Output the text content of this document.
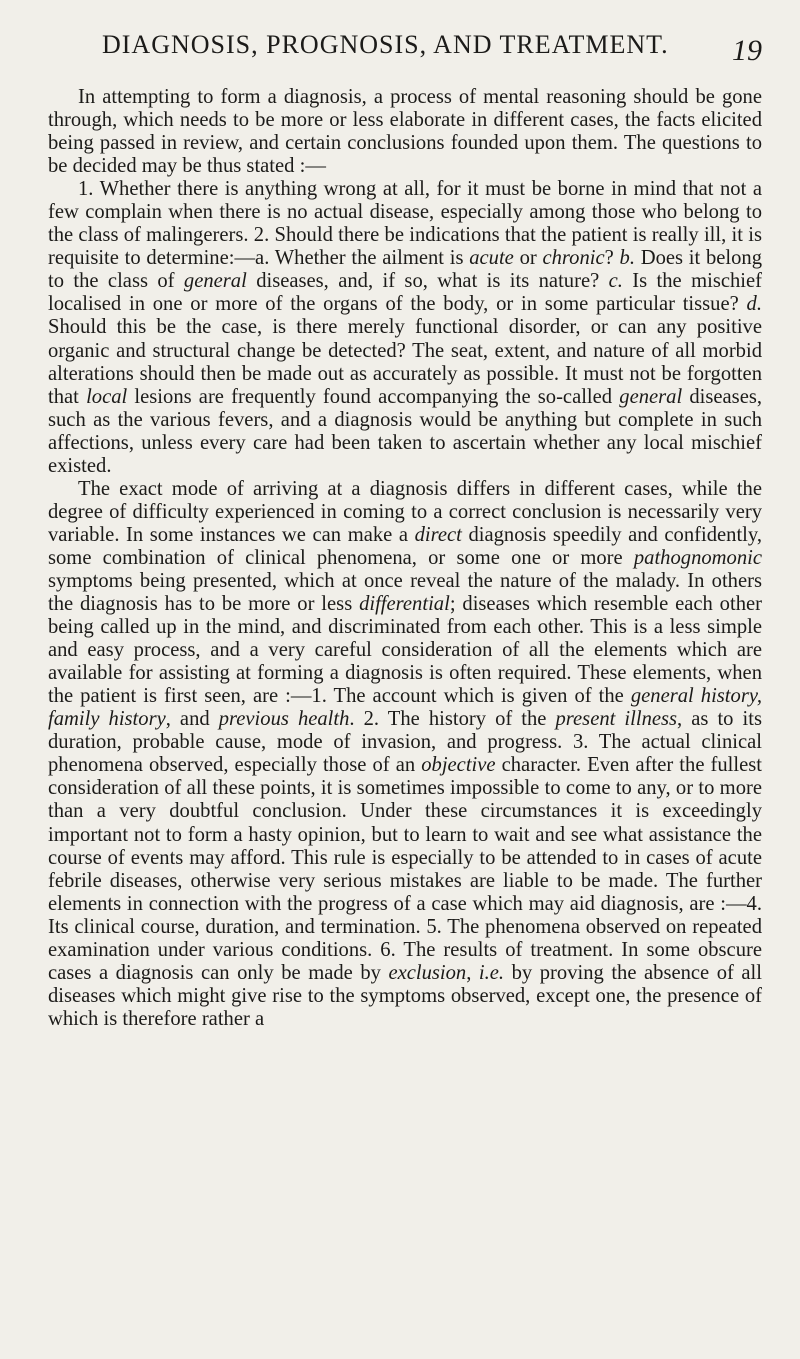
DIAGNOSIS, PROGNOSIS, AND TREATMENT. 19

In attempting to form a diagnosis, a process of mental reasoning should be gone through, which needs to be more or less elaborate in different cases, the facts elicited being passed in review, and certain conclusions founded upon them. The questions to be decided may be thus stated :—

1. Whether there is anything wrong at all, for it must be borne in mind that not a few complain when there is no actual disease, especially among those who belong to the class of malingerers. 2. Should there be indications that the patient is really ill, it is requisite to determine:—a. Whether the ailment is acute or chronic? b. Does it belong to the class of general diseases, and, if so, what is its nature? c. Is the mischief localised in one or more of the organs of the body, or in some particular tissue? d. Should this be the case, is there merely functional disorder, or can any positive organic and structural change be detected? The seat, extent, and nature of all morbid alterations should then be made out as accurately as possible. It must not be forgotten that local lesions are frequently found accompanying the so-called general diseases, such as the various fevers, and a diagnosis would be anything but complete in such affections, unless every care had been taken to ascertain whether any local mischief existed.

The exact mode of arriving at a diagnosis differs in different cases, while the degree of difficulty experienced in coming to a correct conclusion is necessarily very variable. In some instances we can make a direct diagnosis speedily and confidently, some combination of clinical phenomena, or some one or more pathognomonic symptoms being presented, which at once reveal the nature of the malady. In others the diagnosis has to be more or less differential; diseases which resemble each other being called up in the mind, and discriminated from each other. This is a less simple and easy process, and a very careful consideration of all the elements which are available for assisting at forming a diagnosis is often required. These elements, when the patient is first seen, are :—1. The account which is given of the general history, family history, and previous health. 2. The history of the present illness, as to its duration, probable cause, mode of invasion, and progress. 3. The actual clinical phenomena observed, especially those of an objective character. Even after the fullest consideration of all these points, it is sometimes impossible to come to any, or to more than a very doubtful conclusion. Under these circumstances it is exceedingly important not to form a hasty opinion, but to learn to wait and see what assistance the course of events may afford. This rule is especially to be attended to in cases of acute febrile diseases, otherwise very serious mistakes are liable to be made. The further elements in connection with the progress of a case which may aid diagnosis, are :—4. Its clinical course, duration, and termination. 5. The phenomena observed on repeated examination under various conditions. 6. The results of treatment. In some obscure cases a diagnosis can only be made by exclusion, i.e. by proving the absence of all diseases which might give rise to the symptoms observed, except one, the presence of which is therefore rather a
